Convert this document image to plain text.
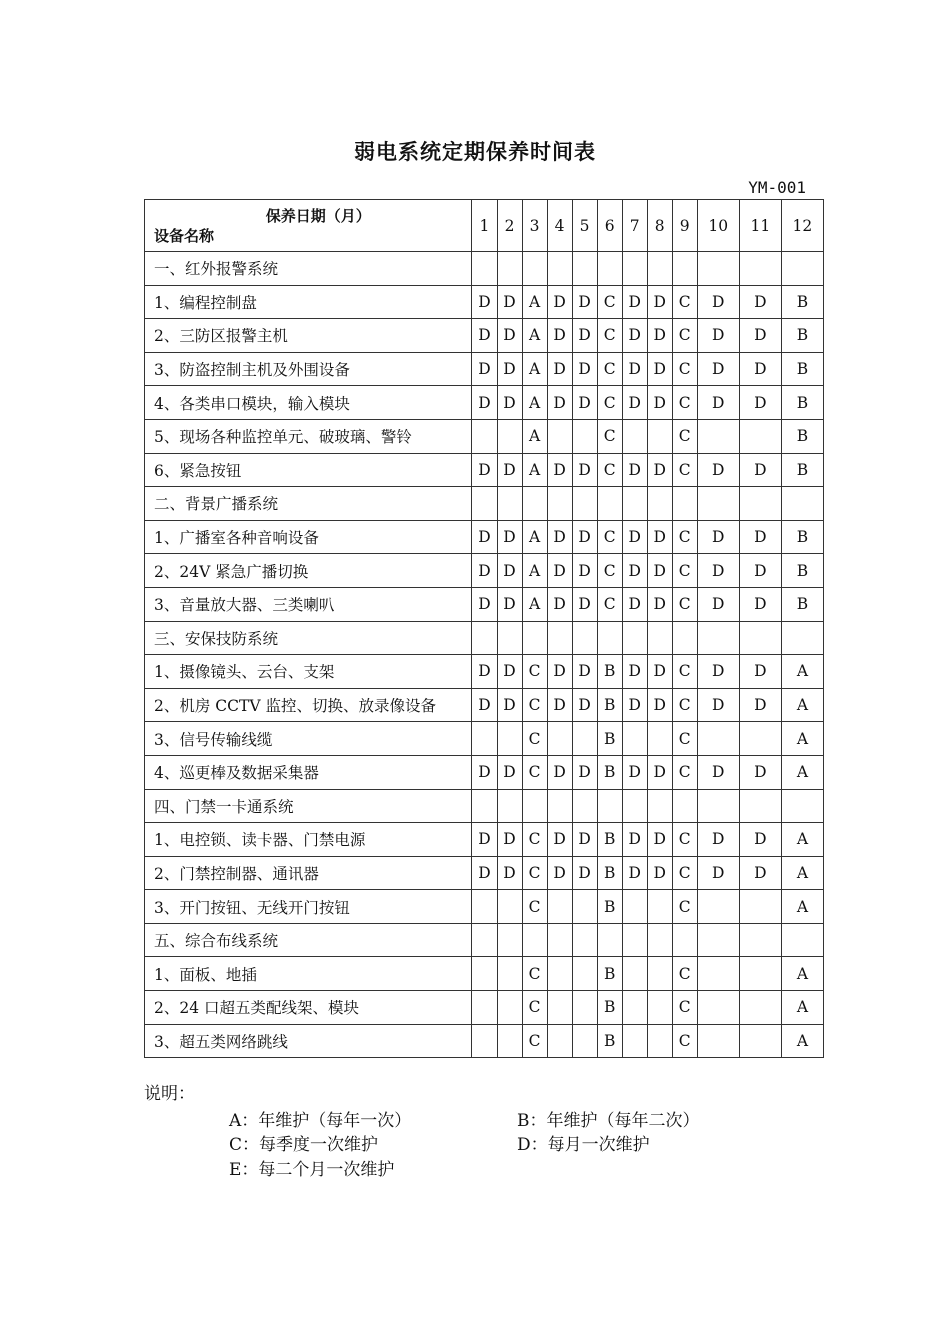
弱电系统定期保养时间表
YM-001
保养日期（月）
设备名称	1	2	3	4	5	6	7	8	9	10	11	12
一、红外报警系统												
1、编程控制盘	D	D	A	D	D	C	D	D	C	D	D	B
2、三防区报警主机	D	D	A	D	D	C	D	D	C	D	D	B
3、防盗控制主机及外围设备	D	D	A	D	D	C	D	D	C	D	D	B
4、各类串口模块，输入模块	D	D	A	D	D	C	D	D	C	D	D	B
5、现场各种监控单元、破玻璃、警铃			A			C			C			B
6、紧急按钮	D	D	A	D	D	C	D	D	C	D	D	B
二、背景广播系统												
1、广播室各种音响设备	D	D	A	D	D	C	D	D	C	D	D	B
2、24V 紧急广播切换	D	D	A	D	D	C	D	D	C	D	D	B
3、音量放大器、三类喇叭	D	D	A	D	D	C	D	D	C	D	D	B
三、安保技防系统												
1、摄像镜头、云台、支架	D	D	C	D	D	B	D	D	C	D	D	A
2、机房 CCTV 监控、切换、放录像设备	D	D	C	D	D	B	D	D	C	D	D	A
3、信号传输线缆			C			B			C			A
4、巡更棒及数据采集器	D	D	C	D	D	B	D	D	C	D	D	A
四、门禁一卡通系统												
1、电控锁、读卡器、门禁电源	D	D	C	D	D	B	D	D	C	D	D	A
2、门禁控制器、通讯器	D	D	C	D	D	B	D	D	C	D	D	A
3、开门按钮、无线开门按钮			C			B			C			A
五、综合布线系统												
1、面板、地插			C			B			C			A
2、24 口超五类配线架、模块			C			B			C			A
3、超五类网络跳线			C			B			C			A
说明：
A：年维护（每年一次）	B：年维护（每年二次）
C：每季度一次维护	D：每月一次维护
E：每二个月一次维护
